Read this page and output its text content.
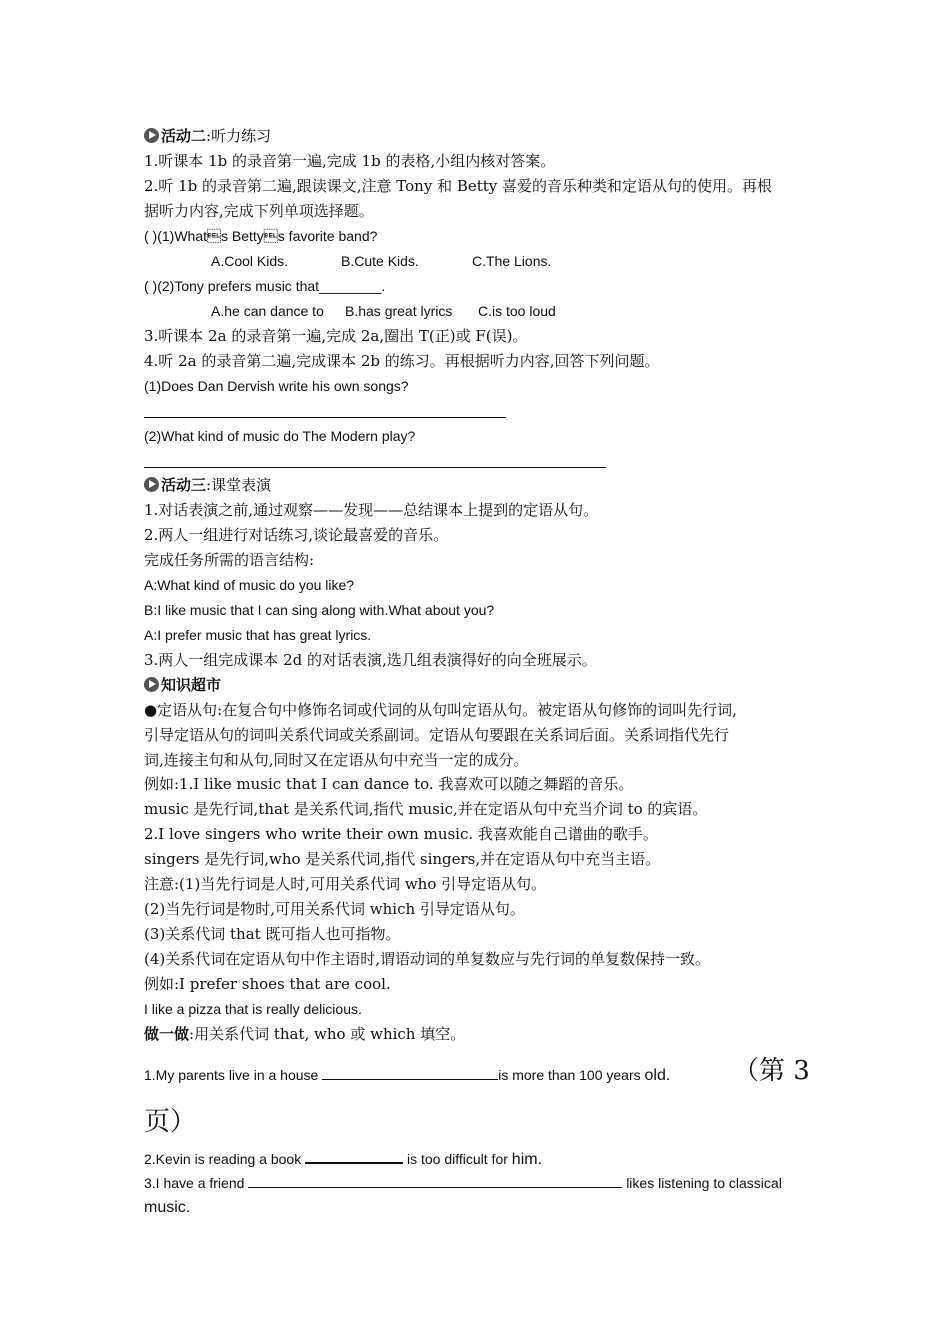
活动二:听力练习
1.听课本 1b 的录音第一遍,完成 1b 的表格,小组内核对答案。
2.听 1b 的录音第二遍,跟读课文,注意 Tony 和 Betty 喜爱的音乐种类和定语从句的使用。再根
据听力内容,完成下列单项选择题。
( )(1)Whats Bettys favorite band?
A.Cool Kids.	B.Cute Kids.	C.The Lions.
( )(2)Tony prefers music that________.
A.he can dance to B.has great lyrics C.is too loud
3.听课本 2a 的录音第一遍,完成 2a,圈出 T(正)或 F(误)。
4.听 2a 的录音第二遍,完成课本 2b 的练习。再根据听力内容,回答下列问题。
(1)Does Dan Dervish write his own songs?
(2)What kind of music do The Modern play?
活动三:课堂表演
1.对话表演之前,通过观察——发现——总结课本上提到的定语从句。
2.两人一组进行对话练习,谈论最喜爱的音乐。
完成任务所需的语言结构:
A:What kind of music do you like?
B:I like music that I can sing along with.What about you?
A:I prefer music that has great lyrics.
3.两人一组完成课本 2d 的对话表演,选几组表演得好的向全班展示。
知识超市
●定语从句:在复合句中修饰名词或代词的从句叫定语从句。被定语从句修饰的词叫先行词,
引导定语从句的词叫关系代词或关系副词。定语从句要跟在关系词后面。关系词指代先行
词,连接主句和从句,同时又在定语从句中充当一定的成分。
例如:1.I like music that I can dance to. 我喜欢可以随之舞蹈的音乐。
music 是先行词,that 是关系代词,指代 music,并在定语从句中充当介词 to 的宾语。
2.I love singers who write their own music. 我喜欢能自己谱曲的歌手。
singers 是先行词,who 是关系代词,指代 singers,并在定语从句中充当主语。
注意:(1)当先行词是人时,可用关系代词 who 引导定语从句。
(2)当先行词是物时,可用关系代词 which 引导定语从句。
(3)关系代词 that 既可指人也可指物。
(4)关系代词在定语从句中作主语时,谓语动词的单复数应与先行词的单复数保持一致。
例如:I prefer shoes that are cool.
I like a pizza that is really delicious.
做一做:用关系代词 that, who 或 which 填空。
1.My parents live in a house	is more than 100 years old. （第 3
页）
2.Kevin is reading a book	is too difficult for him.
3.I have a friend	likes listening to classical
music.
